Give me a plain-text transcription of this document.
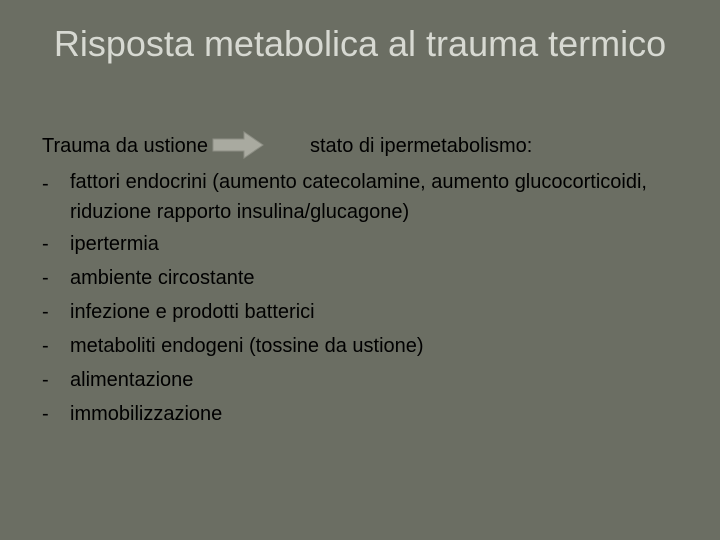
Risposta metabolica al trauma termico
Trauma da ustione	stato di ipermetabolismo:
- fattori endocrini (aumento catecolamine, aumento glucocorticoidi, riduzione rapporto insulina/glucagone)
- ipertermia
- ambiente circostante
- infezione e prodotti batterici
- metaboliti endogeni (tossine da ustione)
- alimentazione
- immobilizzazione
